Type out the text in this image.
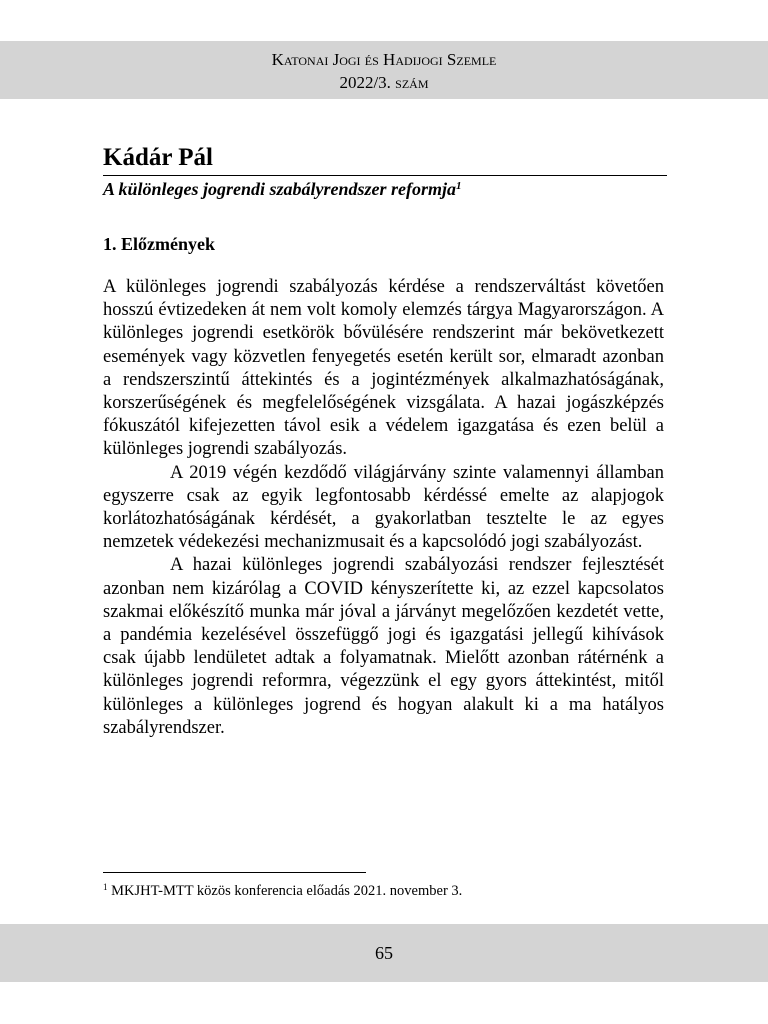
Katonai Jogi és Hadijogi Szemle
2022/3. szám
Kádár Pál
A különleges jogrendi szabályrendszer reformja$^1$
1. Előzmények

A különleges jogrendi szabályozás kérdése a rendszerváltást követően hosszú évtizedeken át nem volt komoly elemzés tárgya Magyarországon. A különleges jogrendi esetkörök bővülésére rendszerint már bekövetkezett események vagy közvetlen fenyegetés esetén került sor, elmaradt azonban a rendszerszintű áttekintés és a jogintézmények alkalmazhatóságának, korszerűségének és megfelelőségének vizsgálata. A hazai jogászképzés fókuszától kifejezetten távol esik a védelem igazgatása és ezen belül a különleges jogrendi szabályozás.

A 2019 végén kezdődő világjárvány szinte valamennyi államban egyszerre csak az egyik legfontosabb kérdéssé emelte az alapjogok korlátozhatóságának kérdését, a gyakorlatban tesztelte le az egyes nemzetek védekezési mechanizmusait és a kapcsolódó jogi szabályozást.

A hazai különleges jogrendi szabályozási rendszer fejlesztését azonban nem kizárólag a COVID kényszerítette ki, az ezzel kapcsolatos szakmai előkészítő munka már jóval a járványt megelőzően kezdetét vette, a pandémia kezelésével összefüggő jogi és igazgatási jellegű kihívások csak újabb lendületet adtak a folyamatnak. Mielőtt azonban rátérnénk a különleges jogrendi reformra, végezzünk el egy gyors áttekintést, mitől különleges a különleges jogrend és hogyan alakult ki a ma hatályos szabályrendszer.

$^1$ MKJHT-MTT közös konferencia előadás 2021. november 3.
65
